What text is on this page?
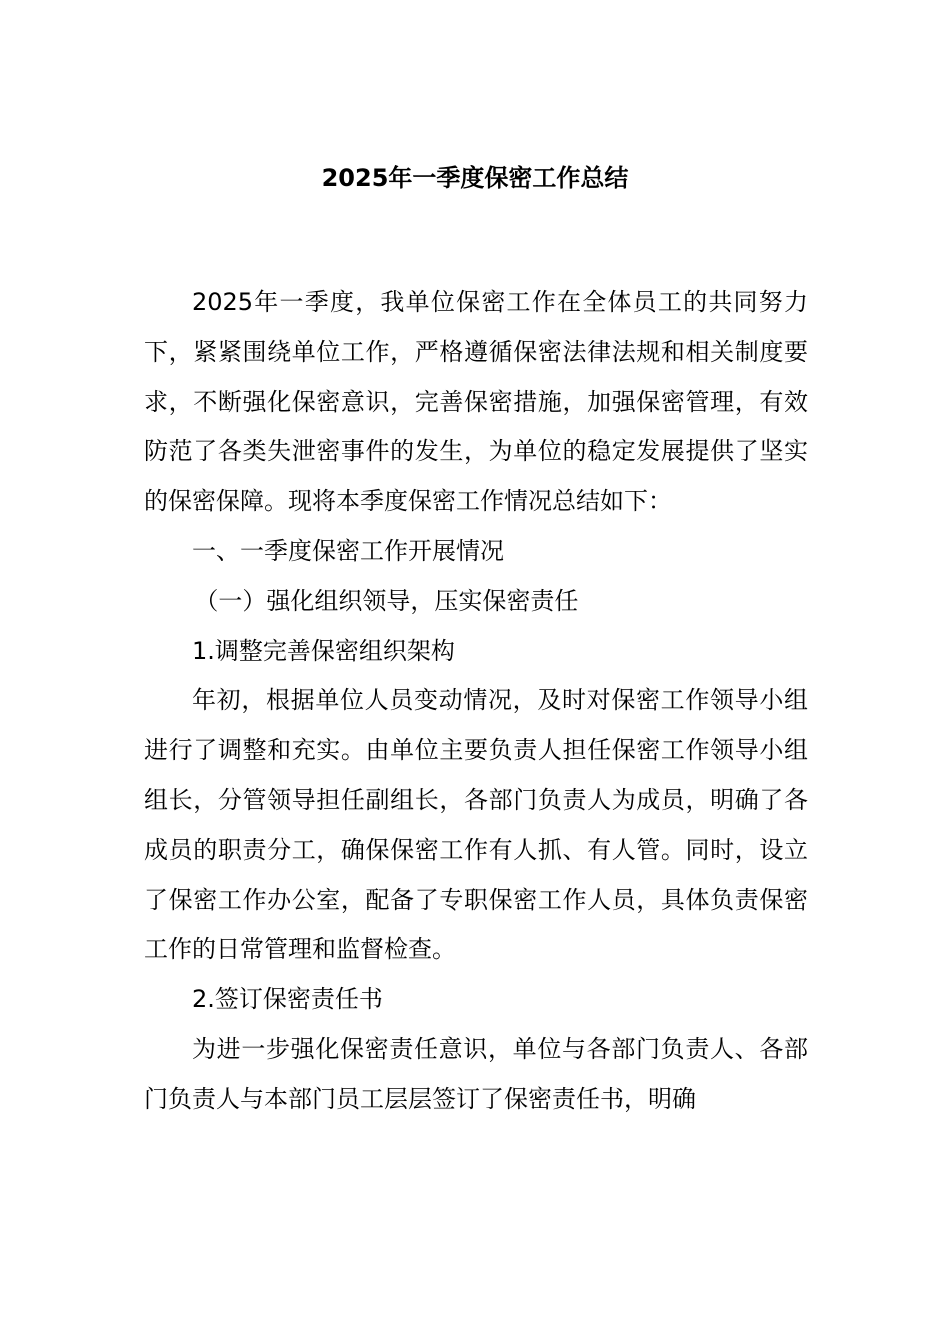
2025年一季度保密工作总结

2025年一季度，我单位保密工作在全体员工的共同努力下，紧紧围绕单位工作，严格遵循保密法律法规和相关制度要求，不断强化保密意识，完善保密措施，加强保密管理，有效防范了各类失泄密事件的发生，为单位的稳定发展提供了坚实的保密保障。现将本季度保密工作情况总结如下：

一、一季度保密工作开展情况

（一）强化组织领导，压实保密责任

1.调整完善保密组织架构

年初，根据单位人员变动情况，及时对保密工作领导小组进行了调整和充实。由单位主要负责人担任保密工作领导小组组长，分管领导担任副组长，各部门负责人为成员，明确了各成员的职责分工，确保保密工作有人抓、有人管。同时，设立了保密工作办公室，配备了专职保密工作人员，具体负责保密工作的日常管理和监督检查。

2.签订保密责任书

为进一步强化保密责任意识，单位与各部门负责人、各部门负责人与本部门员工层层签订了保密责任书，明确
